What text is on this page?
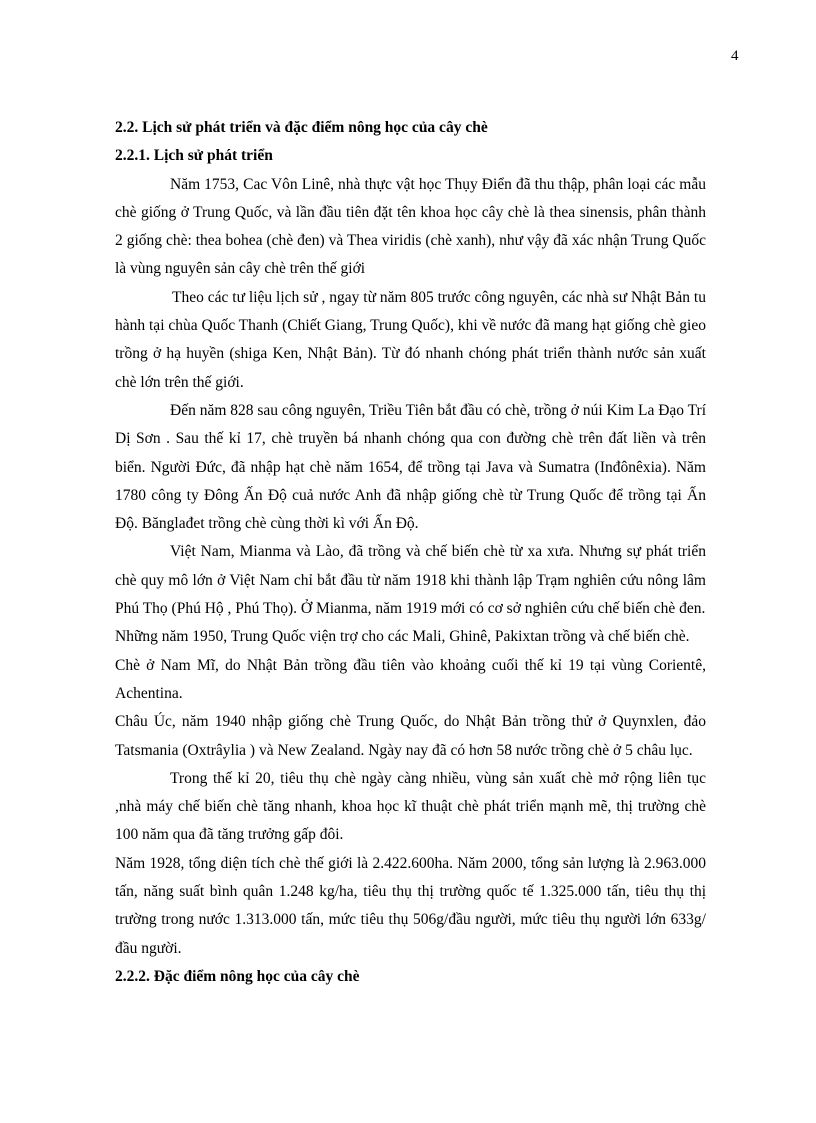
4

2.2. Lịch sử phát triển và đặc điểm nông học của cây chè

2.2.1. Lịch sử phát triển

Năm 1753, Cac Vôn Linê, nhà thực vật học Thụy Điển đã thu thập, phân loại các mẫu chè giống ở Trung Quốc, và lần đầu tiên đặt tên khoa học cây chè là thea sinensis, phân thành 2 giống chè: thea bohea (chè đen) và Thea viridis (chè xanh), như vậy đã xác nhận Trung Quốc là vùng nguyên sản cây chè trên thế giới

Theo các tư liệu lịch sử , ngay từ năm 805 trước công nguyên, các nhà sư Nhật Bản tu hành tại chùa Quốc Thanh (Chiết Giang, Trung Quốc), khi về nước đã mang hạt giống chè gieo trồng ở hạ huyền (shiga Ken, Nhật Bản). Từ đó nhanh chóng phát triển thành nước sản xuất chè lớn trên thế giới.

Đến năm 828 sau công nguyên, Triều Tiên bắt đầu có chè, trồng ở núi Kim La Đạo Trí Dị Sơn . Sau thế kỉ 17, chè truyền bá nhanh chóng qua con đường chè trên đất liền và trên biển. Người Đức, đã nhập hạt chè năm 1654, để trồng tại Java và Sumatra (Inđônêxia). Năm 1780 công ty Đông Ấn Độ cuả nước Anh đã nhập giống chè từ Trung Quốc để trồng tại Ấn Độ. Bănglađet trồng chè cùng thời kì với Ấn Độ.

Việt Nam, Mianma và Lào, đã trồng và chế biến chè từ xa xưa. Nhưng sự phát triển chè quy mô lớn ở Việt Nam chỉ bắt đầu từ năm 1918 khi thành lập Trạm nghiên cứu nông lâm Phú Thọ (Phú Hộ , Phú Thọ). Ở Mianma, năm 1919 mới có cơ sở nghiên cứu chế biến chè đen.

Những năm 1950, Trung Quốc viện trợ cho các Mali, Ghinê, Pakixtan trồng và chế biến chè.

Chè ở Nam Mĩ, do Nhật Bản trồng đầu tiên vào khoảng cuối thế kỉ 19 tại vùng Corientê, Achentina.

Châu Úc, năm 1940 nhập giống chè Trung Quốc, do Nhật Bản trồng thử ở Quynxlen, đảo Tatsmania (Oxtrâylia ) và New Zealand. Ngày nay đã có hơn 58 nước trồng chè ở 5 châu lục.

Trong thế kỉ 20, tiêu thụ chè ngày càng nhiều, vùng sản xuất chè mở rộng liên tục ,nhà máy chế biến chè tăng nhanh, khoa học kĩ thuật chè phát triển mạnh mẽ, thị trường chè 100 năm qua đã tăng trưởng gấp đôi.

Năm 1928, tổng diện tích chè thế giới là 2.422.600ha. Năm 2000, tổng sản lượng là 2.963.000 tấn, năng suất bình quân 1.248 kg/ha, tiêu thụ thị trường quốc tế 1.325.000 tấn, tiêu thụ thị trường trong nước 1.313.000 tấn, mức tiêu thụ 506g/đầu người, mức tiêu thụ người lớn 633g/đầu người.

2.2.2. Đặc điểm nông học của cây chè
